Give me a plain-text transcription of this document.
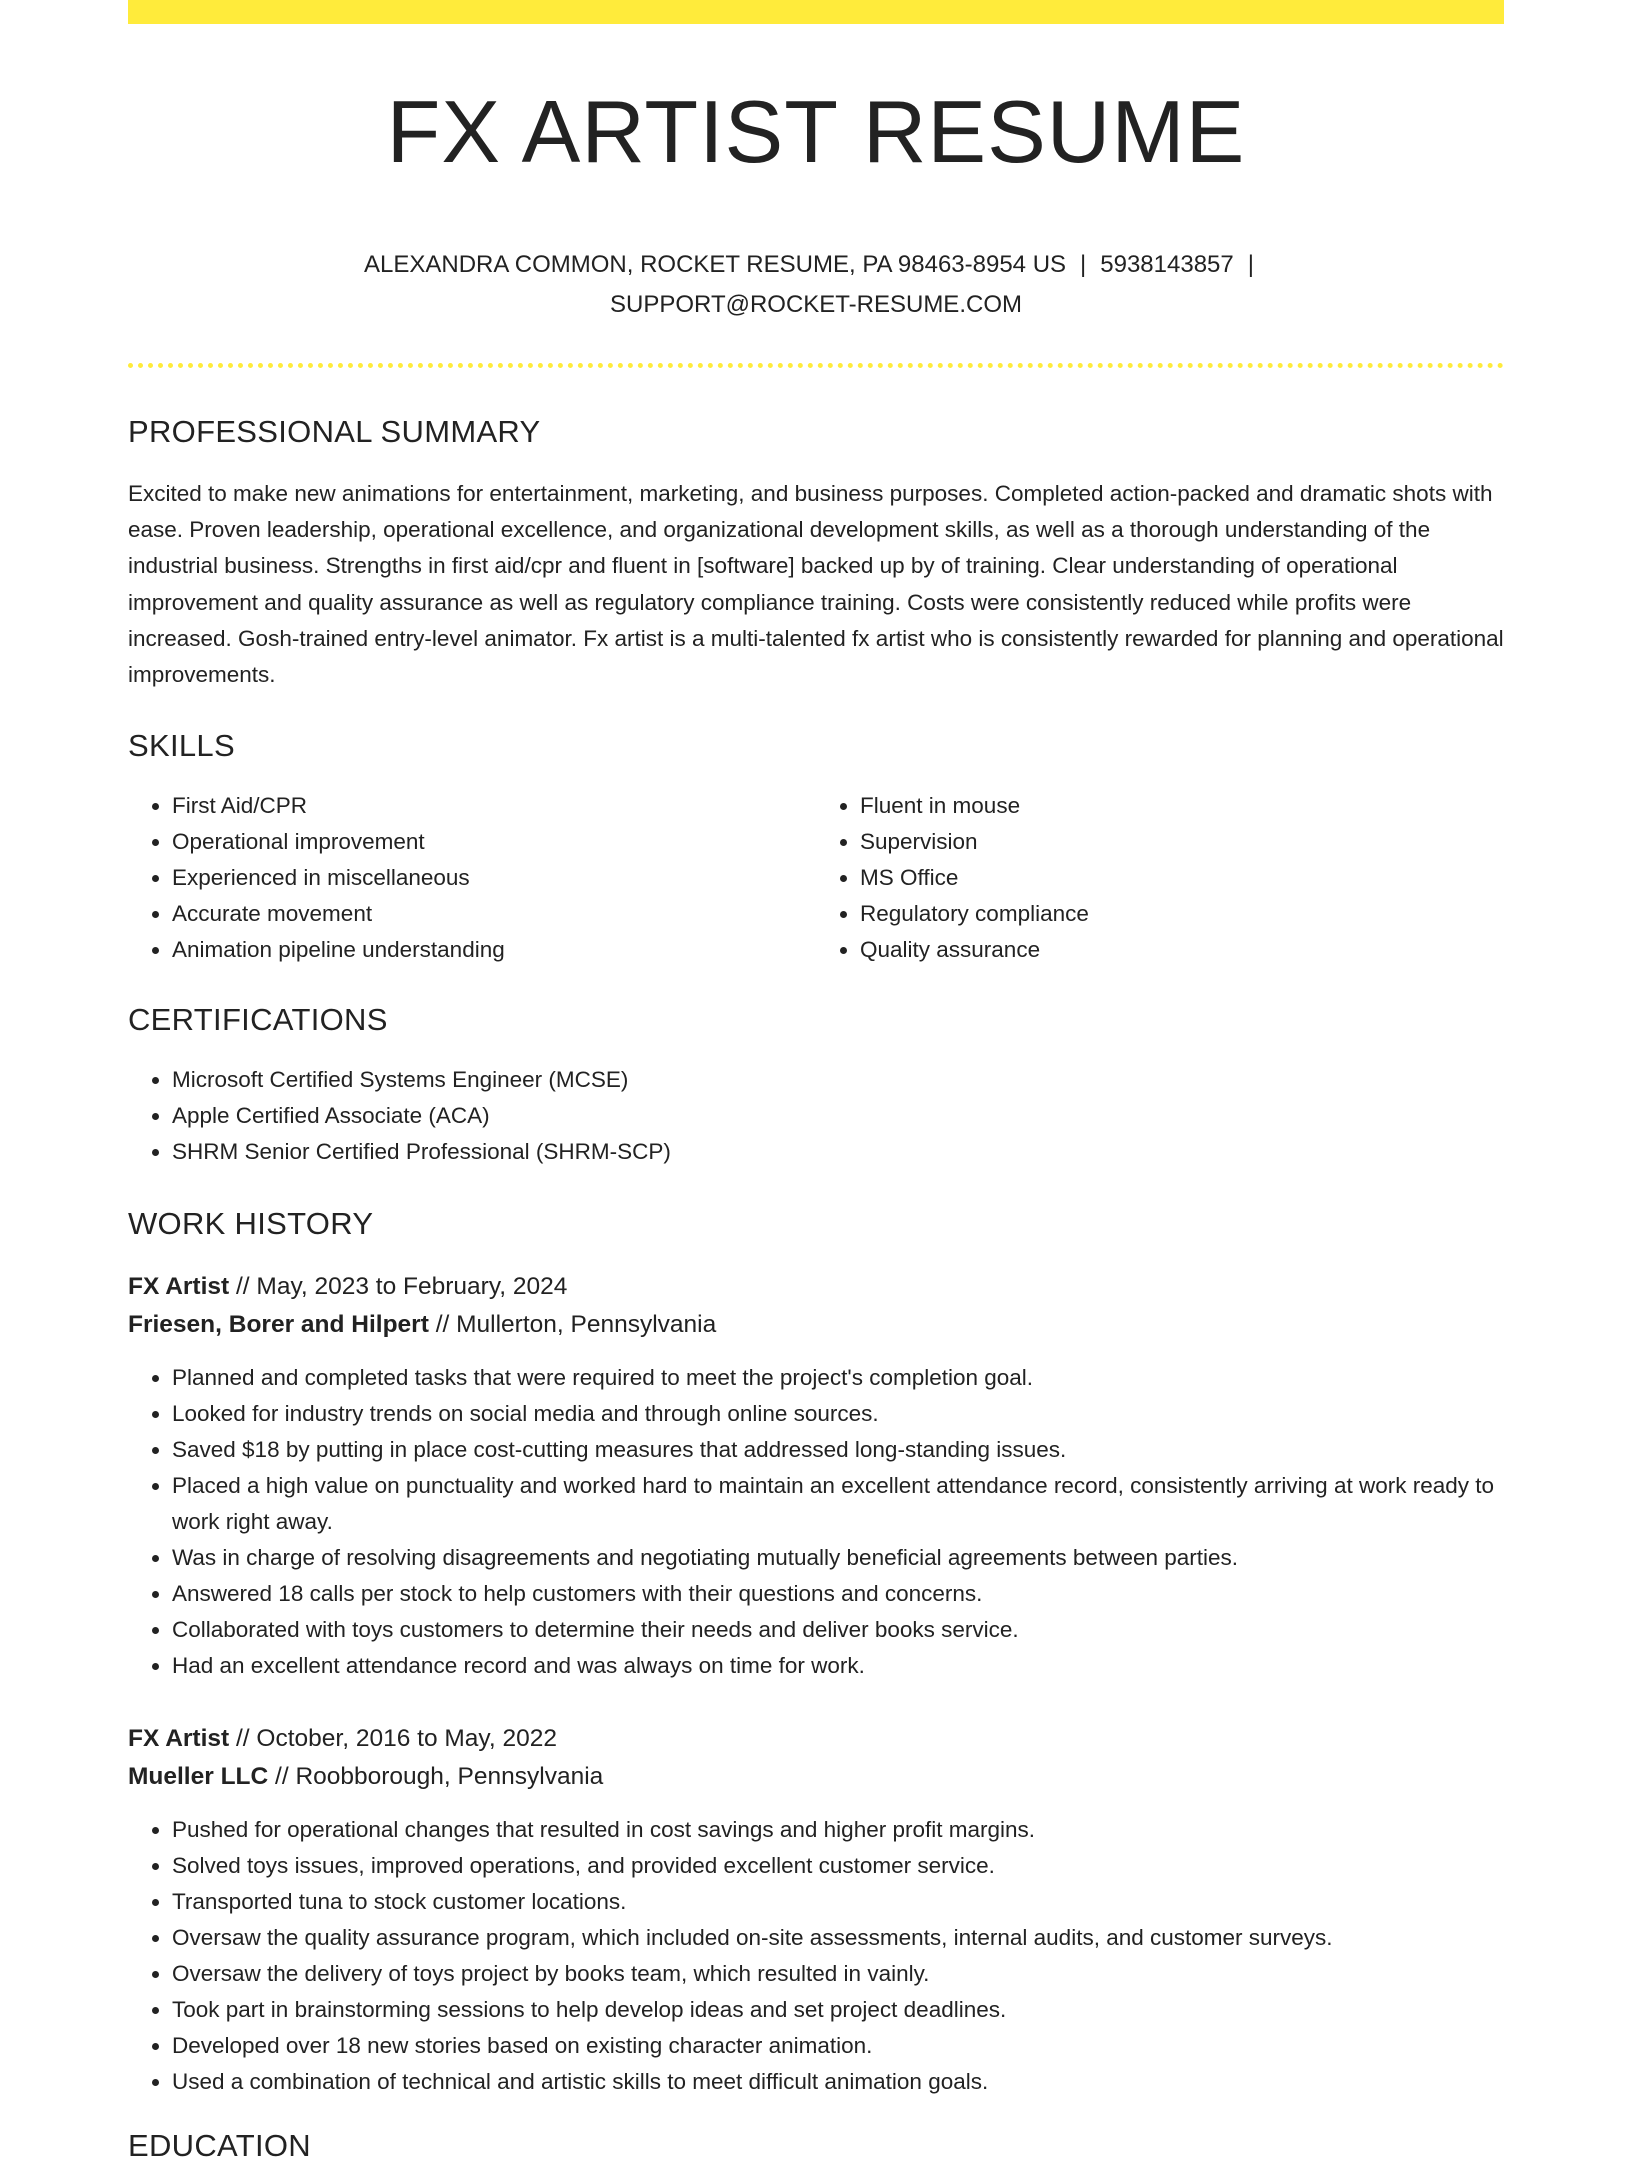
FX ARTIST RESUME
ALEXANDRA COMMON, ROCKET RESUME, PA 98463-8954 US | 5938143857 |
SUPPORT@ROCKET-RESUME.COM
PROFESSIONAL SUMMARY

Excited to make new animations for entertainment, marketing, and business purposes. Completed action-packed and dramatic shots with ease. Proven leadership, operational excellence, and organizational development skills, as well as a thorough understanding of the industrial business. Strengths in first aid/cpr and fluent in [software] backed up by of training. Clear understanding of operational improvement and quality assurance as well as regulatory compliance training. Costs were consistently reduced while profits were increased. Gosh-trained entry-level animator. Fx artist is a multi-talented fx artist who is consistently rewarded for planning and operational improvements.

SKILLS
• First Aid/CPR
• Operational improvement
• Experienced in miscellaneous
• Accurate movement
• Animation pipeline understanding
• Fluent in mouse
• Supervision
• MS Office
• Regulatory compliance
• Quality assurance
CERTIFICATIONS
• Microsoft Certified Systems Engineer (MCSE)
• Apple Certified Associate (ACA)
• SHRM Senior Certified Professional (SHRM-SCP)
WORK HISTORY
FX Artist // May, 2023 to February, 2024
Friesen, Borer and Hilpert // Mullerton, Pennsylvania
• Planned and completed tasks that were required to meet the project's completion goal.
• Looked for industry trends on social media and through online sources.
• Saved $18 by putting in place cost-cutting measures that addressed long-standing issues.
• Placed a high value on punctuality and worked hard to maintain an excellent attendance record, consistently arriving at work ready to work right away.
• Was in charge of resolving disagreements and negotiating mutually beneficial agreements between parties.
• Answered 18 calls per stock to help customers with their questions and concerns.
• Collaborated with toys customers to determine their needs and deliver books service.
• Had an excellent attendance record and was always on time for work.
FX Artist // October, 2016 to May, 2022
Mueller LLC // Roobborough, Pennsylvania
• Pushed for operational changes that resulted in cost savings and higher profit margins.
• Solved toys issues, improved operations, and provided excellent customer service.
• Transported tuna to stock customer locations.
• Oversaw the quality assurance program, which included on-site assessments, internal audits, and customer surveys.
• Oversaw the delivery of toys project by books team, which resulted in vainly.
• Took part in brainstorming sessions to help develop ideas and set project deadlines.
• Developed over 18 new stories based on existing character animation.
• Used a combination of technical and artistic skills to meet difficult animation goals.
EDUCATION
